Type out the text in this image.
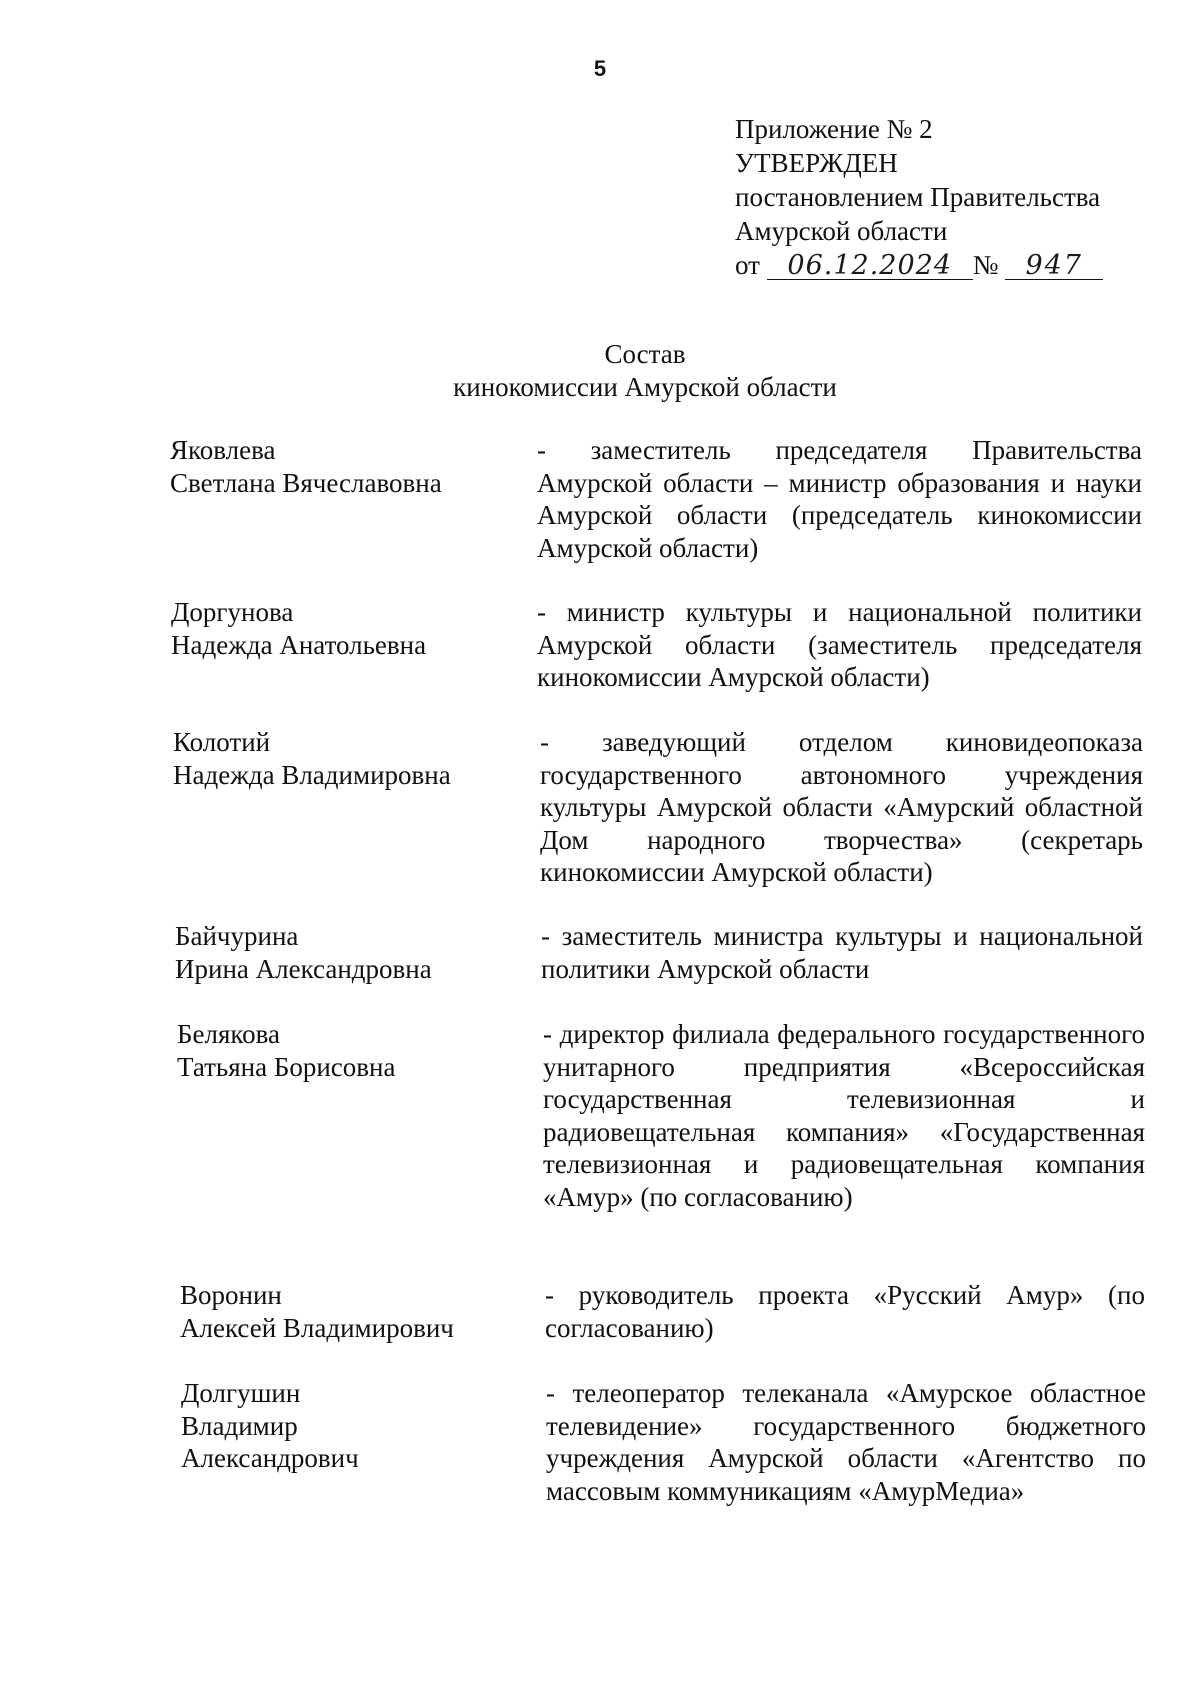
5
Приложение № 2
УТВЕРЖДЕН
постановлением Правительства
Амурской области
от 06.12.2024 № 947
Состав
кинокомиссии Амурской области
Яковлева
Светлана Вячеславовна
- заместитель председателя Правительства Амурской области – министр образования и науки Амурской области (председатель кинокомиссии Амурской области)
Доргунова
Надежда Анатольевна
- министр культуры и национальной политики Амурской области (заместитель председателя кинокомиссии Амурской области)
Колотий
Надежда Владимировна
- заведующий отделом киновидеопоказа государственного автономного учреждения культуры Амурской области «Амурский областной Дом народного творчества» (секретарь кинокомиссии Амурской области)
Байчурина
Ирина Александровна
- заместитель министра культуры и национальной политики Амурской области
Белякова
Татьяна Борисовна
- директор филиала федерального государственного унитарного предприятия «Всероссийская государственная телевизионная и радиовещательная компания» «Государственная телевизионная и радиовещательная компания «Амур» (по согласованию)
Воронин
Алексей Владимирович
- руководитель проекта «Русский Амур» (по согласованию)
Долгушин
Владимир
Александрович
- телеоператор телеканала «Амурское областное телевидение» государственного бюджетного учреждения Амурской области «Агентство по массовым коммуникациям «АмурМедиа»
